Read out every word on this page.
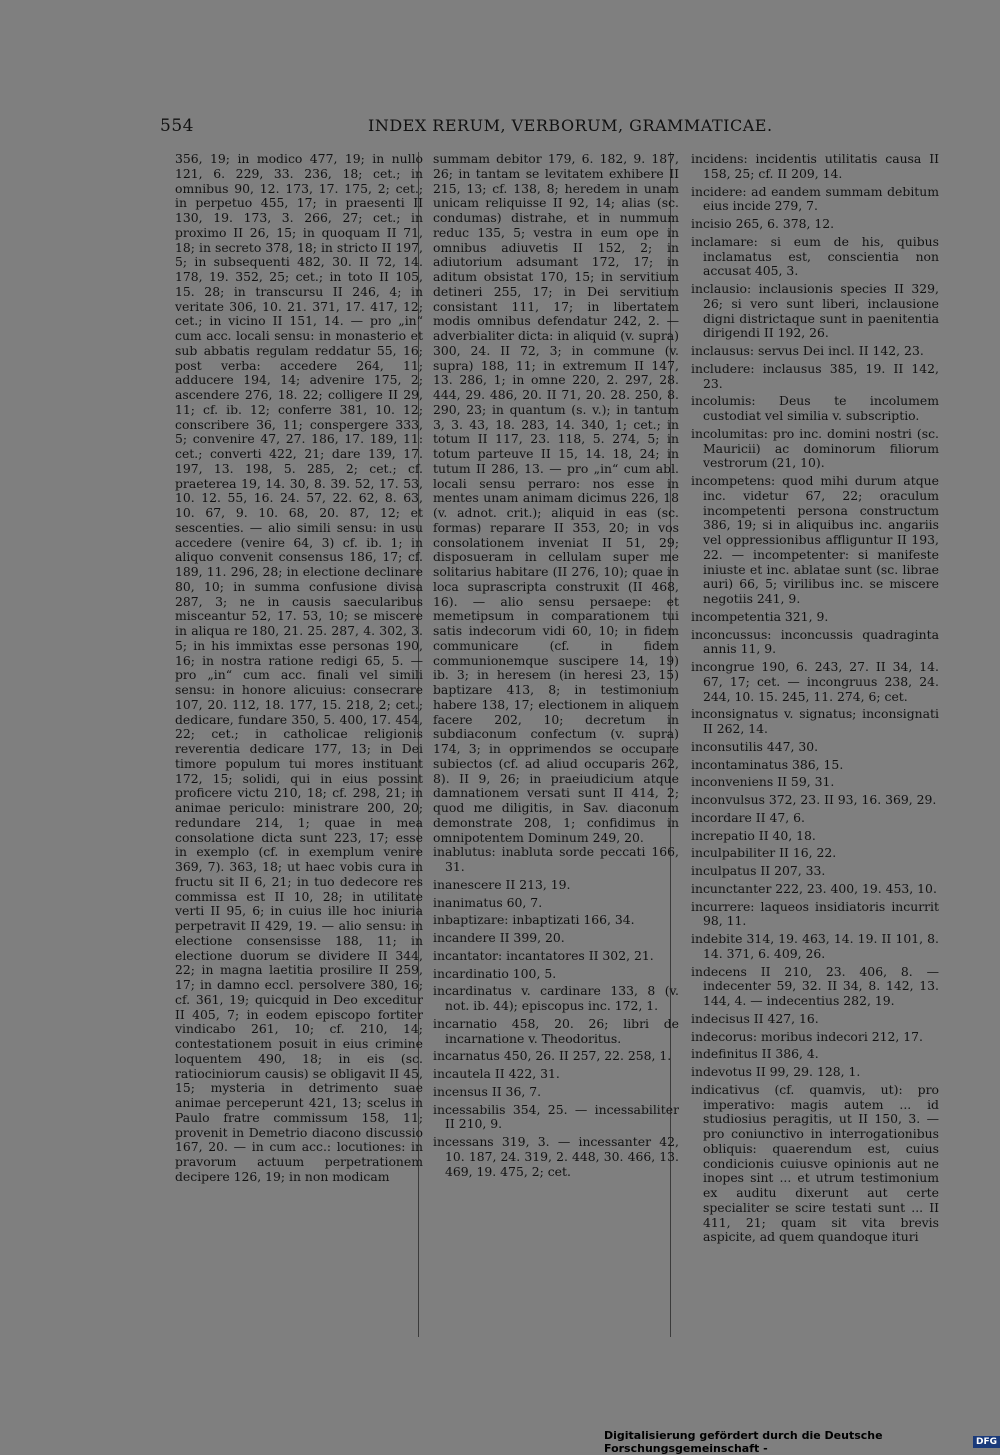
554	INDEX RERUM, VERBORUM, GRAMMATICAE.

356, 19; in modico 477, 19; in nullo 121, 6. 229, 33. 236, 18; cet.; in omnibus 90, 12. 173, 17. 175, 2; cet.; in perpetuo 455, 17; in praesenti II 130, 19. 173, 3. 266, 27; cet.; in proximo II 26, 15; in quoquam II 71, 18; in secreto 378, 18; in stricto II 197, 5; in subsequenti 482, 30. II 72, 14. 178, 19. 352, 25; cet.; in toto II 105, 15. 28; in transcursu II 246, 4; in veritate 306, 10. 21. 371, 17. 417, 12; cet.; in vicino II 151, 14. — pro „in“ cum acc. locali sensu: in monasterio et sub abbatis regulam reddatur 55, 16; post verba: accedere 264, 11; adducere 194, 14; advenire 175, 2; ascendere 276, 18. 22; colligere II 29, 11; cf. ib. 12; conferre 381, 10. 12; conscribere 36, 11; conspergere 333, 5; convenire 47, 27. 186, 17. 189, 11: cet.; converti 422, 21; dare 139, 17. 197, 13. 198, 5. 285, 2; cet.; cf. praeterea 19, 14. 30, 8. 39. 52, 17. 53, 10. 12. 55, 16. 24. 57, 22. 62, 8. 63, 10. 67, 9. 10. 68, 20. 87, 12; et sescenties. — alio simili sensu: in usu accedere (venire 64, 3) cf. ib. 1; in aliquo convenit consensus 186, 17; cf. 189, 11. 296, 28; in electione declinare 80, 10; in summa confusione divisa 287, 3; ne in causis saecularibus misceantur 52, 17. 53, 10; se miscere in aliqua re 180, 21. 25. 287, 4. 302, 3. 5; in his immixtas esse personas 190, 16; in nostra ratione redigi 65, 5. — pro „in“ cum acc. finali vel simili sensu: in honore alicuius: consecrare 107, 20. 112, 18. 177, 15. 218, 2; cet.; dedicare, fundare 350, 5. 400, 17. 454, 22; cet.; in catholicae religionis reverentia dedicare 177, 13; in Dei timore populum tui mores instituant 172, 15; solidi, qui in eius possint proficere victu 210, 18; cf. 298, 21; in animae periculo: ministrare 200, 20; redundare 214, 1; quae in mea consolatione dicta sunt 223, 17; esse in exemplo (cf. in exemplum venire 369, 7). 363, 18; ut haec vobis cura in fructu sit II 6, 21; in tuo dedecore res commissa est II 10, 28; in utilitate verti II 95, 6; in cuius ille hoc iniuria perpetravit II 429, 19. — alio sensu: in electione consensisse 188, 11; in electione duorum se dividere II 344, 22; in magna laetitia prosilire II 259, 17; in damno eccl. persolvere 380, 16; cf. 361, 19; quicquid in Deo exceditur II 405, 7; in eodem episcopo fortiter vindicabo 261, 10; cf. 210, 14; contestationem posuit in eius crimine loquentem 490, 18; in eis (sc. ratiociniorum causis) se obligavit II 45, 15; mysteria in detrimento suae animae perceperunt 421, 13; scelus in Paulo fratre commissum 158, 11; provenit in Demetrio diacono discussio 167, 20. — in cum acc.: locutiones: in pravorum actuum perpetrationem decipere 126, 19; in non modicam

summam debitor 179, 6. 182, 9. 187, 26; in tantam se levitatem exhibere II 215, 13; cf. 138, 8; heredem in unam unicam reliquisse II 92, 14; alias (sc. condumas) distrahe, et in nummum reduc 135, 5; vestra in eum ope in omnibus adiuvetis II 152, 2; in adiutorium adsumant 172, 17; in aditum obsistat 170, 15; in servitium detineri 255, 17; in Dei servitium consistant 111, 17; in libertatem modis omnibus defendatur 242, 2. — adverbialiter dicta: in aliquid (v. supra) 300, 24. II 72, 3; in commune (v. supra) 188, 11; in extremum II 147, 13. 286, 1; in omne 220, 2. 297, 28. 444, 29. 486, 20. II 71, 20. 28. 250, 8. 290, 23; in quantum (s. v.); in tantum 3, 3. 43, 18. 283, 14. 340, 1; cet.; in totum II 117, 23. 118, 5. 274, 5; in totum parteuve II 15, 14. 18, 24; in tutum II 286, 13. — pro „in“ cum abl. locali sensu perraro: nos esse in mentes unam animam dicimus 226, 18 (v. adnot. crit.); aliquid in eas (sc. formas) reparare II 353, 20; in vos consolationem inveniat II 51, 29; disposueram in cellulam super me solitarius habitare (II 276, 10); quae in loca suprascripta construxit (II 468, 16). — alio sensu persaepe: et memetipsum in comparationem tui satis indecorum vidi 60, 10; in fidem communicare (cf. in fidem communionemque suscipere 14, 19) ib. 3; in heresem (in heresi 23, 15) baptizare 413, 8; in testimonium habere 138, 17; electionem in aliquem facere 202, 10; decretum in subdiaconum confectum (v. supra) 174, 3; in opprimendos se occupare subiectos (cf. ad aliud occuparis 262, 8). II 9, 26; in praeiudicium atque damnationem versati sunt II 414, 2; quod me diligitis, in Sav. diaconum demonstrate 208, 1; confidimus in omnipotentem Dominum 249, 20.

inablutus: inabluta sorde peccati 166, 31.

inanescere II 213, 19.

inanimatus 60, 7.

inbaptizare: inbaptizati 166, 34.

incandere II 399, 20.

incantator: incantatores II 302, 21.

incardinatio 100, 5.

incardinatus v. cardinare 133, 8 (v. not. ib. 44); episcopus inc. 172, 1.

incarnatio 458, 20. 26; libri de incarnatione v. Theodoritus.

incarnatus 450, 26. II 257, 22. 258, 1.

incautela II 422, 31.

incensus II 36, 7.

incessabilis 354, 25. — incessabiliter II 210, 9.

incessans 319, 3. — incessanter 42, 10. 187, 24. 319, 2. 448, 30. 466, 13. 469, 19. 475, 2; cet.

incidens: incidentis utilitatis causa II 158, 25; cf. II 209, 14.

incidere: ad eandem summam debitum eius incide 279, 7.

incisio 265, 6. 378, 12.

inclamare: si eum de his, quibus inclamatus est, conscientia non accusat 405, 3.

inclausio: inclausionis species II 329, 26; si vero sunt liberi, inclausione digni districtaque sunt in paenitentia dirigendi II 192, 26.

inclausus: servus Dei incl. II 142, 23.

includere: inclausus 385, 19. II 142, 23.

incolumis: Deus te incolumem custodiat vel similia v. subscriptio.

incolumitas: pro inc. domini nostri (sc. Mauricii) ac dominorum filiorum vestrorum (21, 10).

incompetens: quod mihi durum atque inc. videtur 67, 22; oraculum incompetenti persona constructum 386, 19; si in aliquibus inc. angariis vel oppressionibus affliguntur II 193, 22. — incompetenter: si manifeste iniuste et inc. ablatae sunt (sc. librae auri) 66, 5; virilibus inc. se miscere negotiis 241, 9.

incompetentia 321, 9.

inconcussus: inconcussis quadraginta annis 11, 9.

incongrue 190, 6. 243, 27. II 34, 14. 67, 17; cet. — incongruus 238, 24. 244, 10. 15. 245, 11. 274, 6; cet.

inconsignatus v. signatus; inconsignati II 262, 14.

inconsutilis 447, 30.

incontaminatus 386, 15.

inconveniens II 59, 31.

inconvulsus 372, 23. II 93, 16. 369, 29.

incordare II 47, 6.

increpatio II 40, 18.

inculpabiliter II 16, 22.

inculpatus II 207, 33.

incunctanter 222, 23. 400, 19. 453, 10.

incurrere: laqueos insidiatoris incurrit 98, 11.

indebite 314, 19. 463, 14. 19. II 101, 8. 14. 371, 6. 409, 26.

indecens II 210, 23. 406, 8. — indecenter 59, 32. II 34, 8. 142, 13. 144, 4. — indecentius 282, 19.

indecisus II 427, 16.

indecorus: moribus indecori 212, 17.

indefinitus II 386, 4.

indevotus II 99, 29. 128, 1.

indicativus (cf. quamvis, ut): pro imperativo: magis autem ... id studiosius peragitis, ut II 150, 3. — pro coniunctivo in interrogationibus obliquis: quaerendum est, cuius condicionis cuiusve opinionis aut ne inopes sint ... et utrum testimonium ex auditu dixerunt aut certe specialiter se scire testati sunt ... II 411, 21; quam sit vita brevis aspicite, ad quem quandoque ituri

Digitalisierung gefördert durch die Deutsche Forschungsgemeinschaft -	DFG
